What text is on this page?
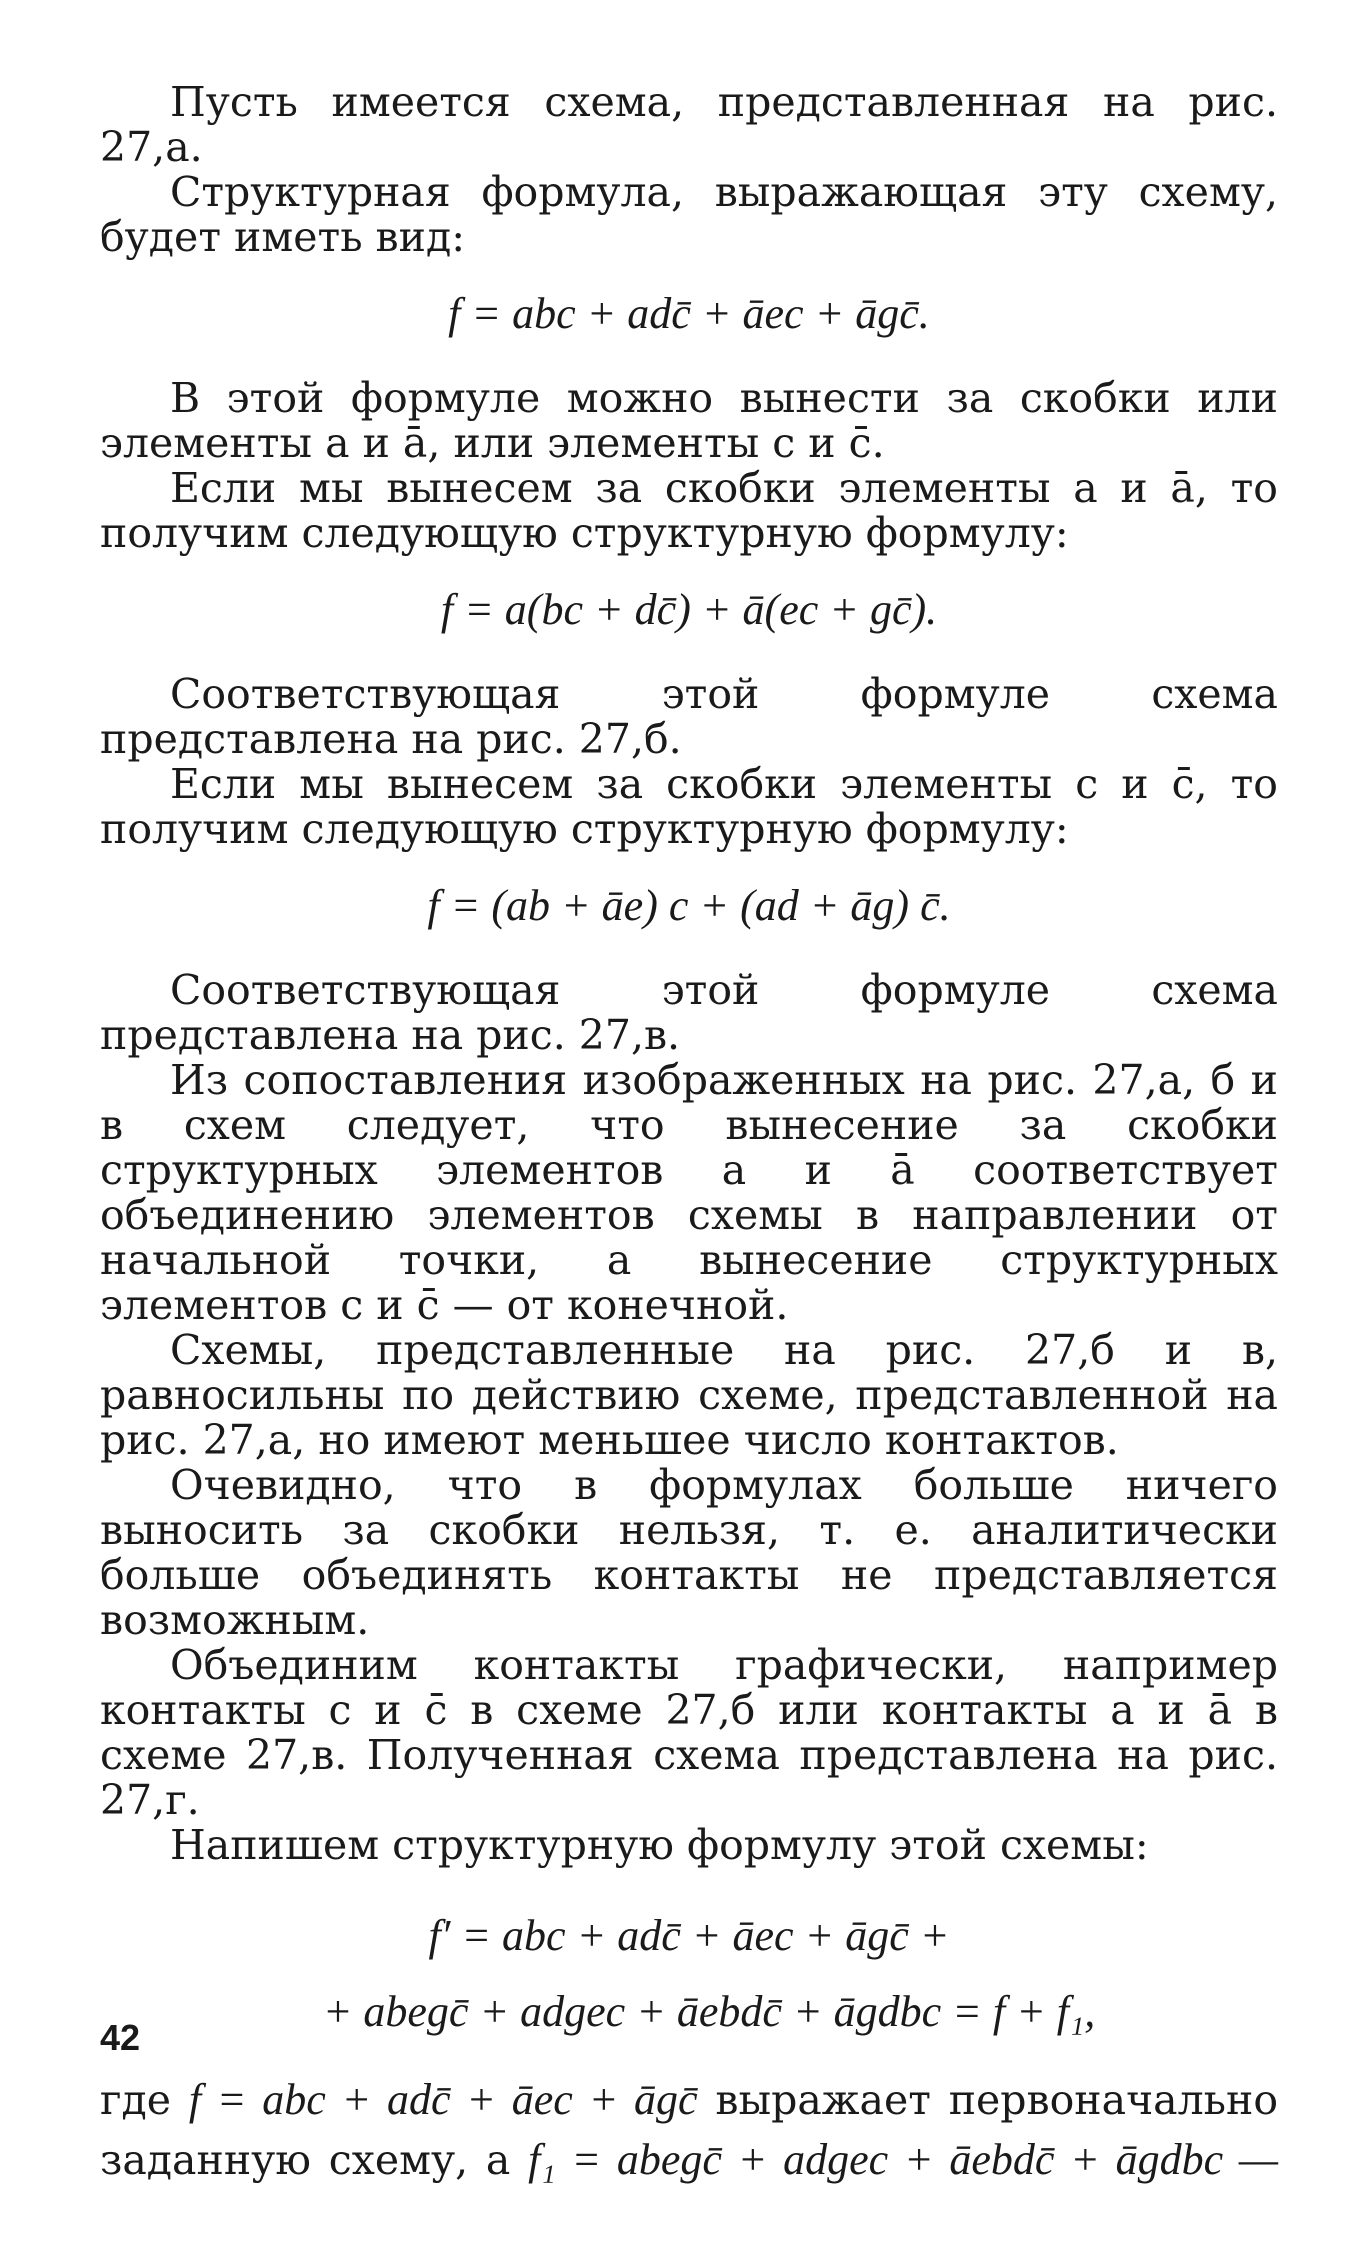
Пусть имеется схема, представленная на рис. 27,а.

Структурная формула, выражающая эту схему, будет иметь вид:

f = abc + adc̄ + āec + āgc̄.

В этой формуле можно вынести за скобки или элементы a и ā, или элементы c и c̄.

Если мы вынесем за скобки элементы a и ā, то получим следующую структурную формулу:

f = a(bc + dc̄) + ā(ec + gc̄).

Соответствующая этой формуле схема представлена на рис. 27,б.

Если мы вынесем за скобки элементы c и c̄, то получим следующую структурную формулу:

f = (ab + āe) c + (ad + āg) c̄.

Соответствующая этой формуле схема представлена на рис. 27,в.

Из сопоставления изображенных на рис. 27,а, б и в схем следует, что вынесение за скобки структурных элементов a и ā соответствует объединению элементов схемы в направлении от начальной точки, а вынесение структурных элементов c и c̄ — от конечной.

Схемы, представленные на рис. 27,б и в, равносильны по действию схеме, представленной на рис. 27,а, но имеют меньшее число контактов.

Очевидно, что в формулах больше ничего выносить за скобки нельзя, т. е. аналитически больше объединять контакты не представляется возможным.

Объединим контакты графически, например контакты c и c̄ в схеме 27,б или контакты a и ā в схеме 27,в. Полученная схема представлена на рис. 27,г.

Напишем структурную формулу этой схемы:

f′ = abc + adc̄ + āec + āgc̄ +
+ abegc̄ + adgec + āebdc̄ + āgdbc = f + f₁,
где f = abc + adc̄ + āec + āgc̄ выражает первоначально
заданную схему, а f₁ = abegc̄ + adgec + āebdc̄ + āgdbc —
42
